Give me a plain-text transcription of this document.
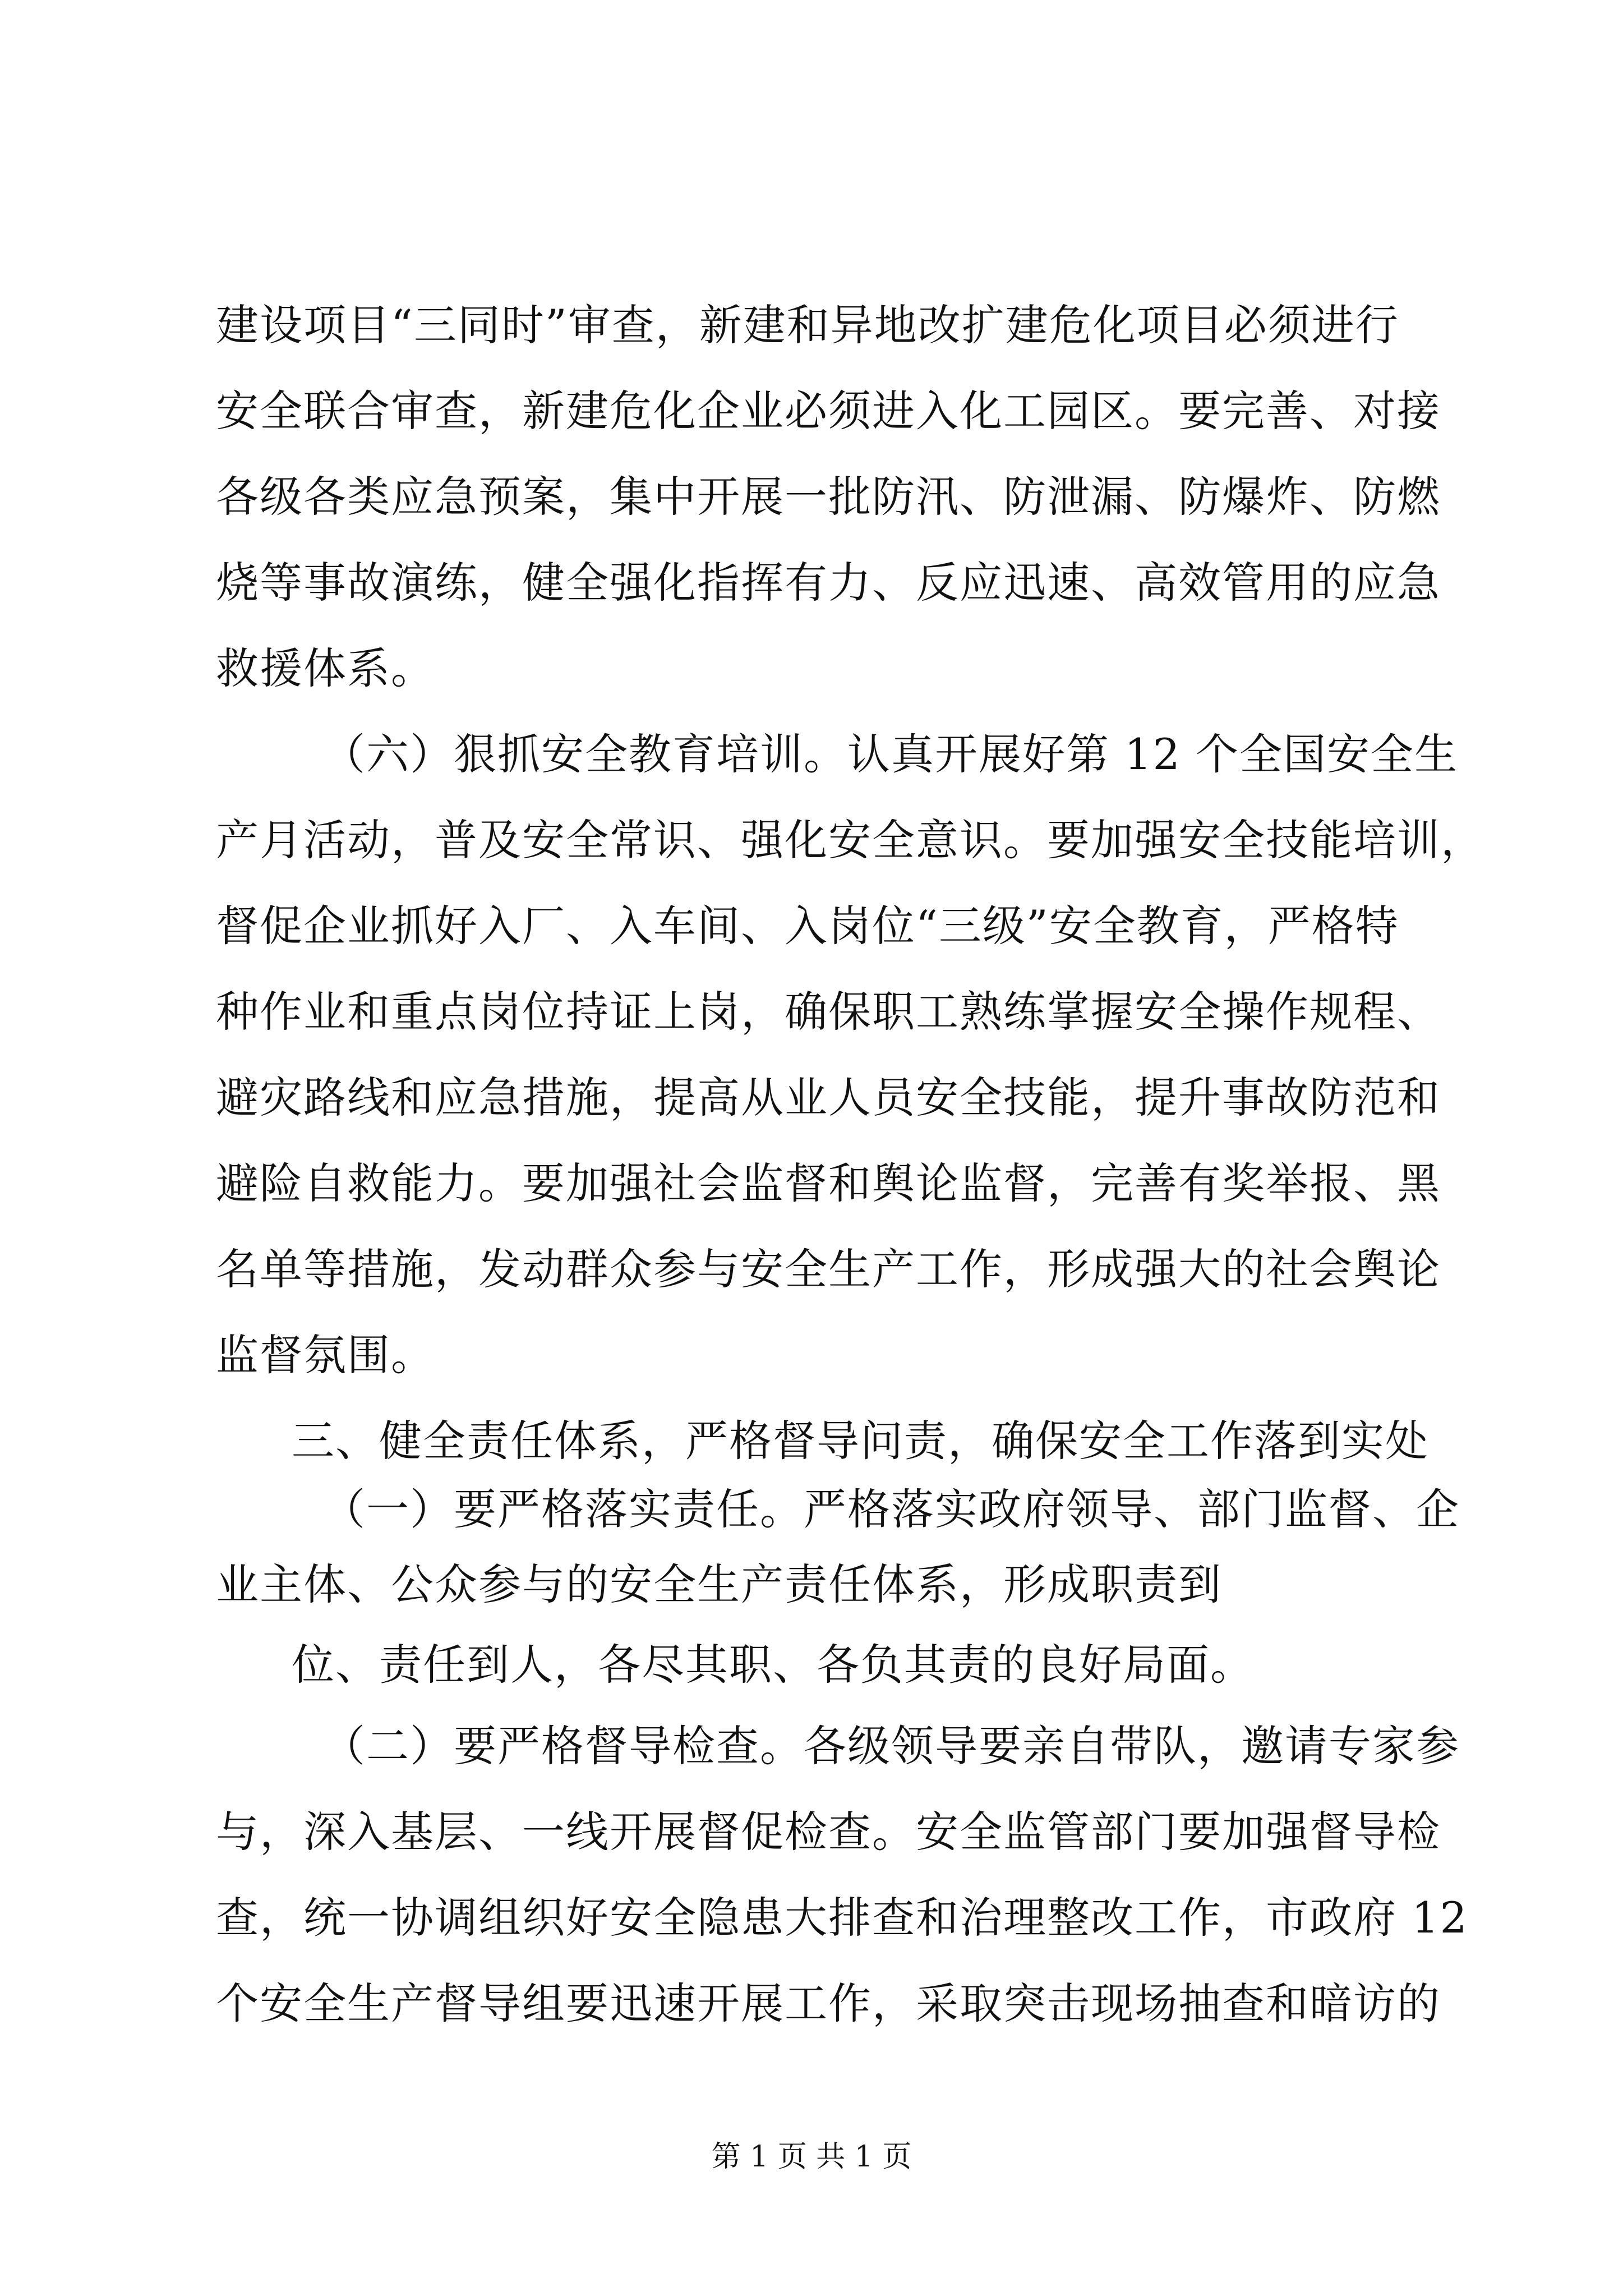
建设项目“三同时”审查，新建和异地改扩建危化项目必须进行
安全联合审查，新建危化企业必须进入化工园区。要完善、对接
各级各类应急预案，集中开展一批防汛、防泄漏、防爆炸、防燃
烧等事故演练，健全强化指挥有力、反应迅速、高效管用的应急
救援体系。
（六）狠抓安全教育培训。认真开展好第 12 个全国安全生
产月活动，普及安全常识、强化安全意识。要加强安全技能培训，
督促企业抓好入厂、入车间、入岗位“三级”安全教育，严格特
种作业和重点岗位持证上岗，确保职工熟练掌握安全操作规程、
避灾路线和应急措施，提高从业人员安全技能，提升事故防范和
避险自救能力。要加强社会监督和舆论监督，完善有奖举报、黑
名单等措施，发动群众参与安全生产工作，形成强大的社会舆论
监督氛围。
三、健全责任体系，严格督导问责，确保安全工作落到实处
（一）要严格落实责任。严格落实政府领导、部门监督、企
业主体、公众参与的安全生产责任体系，形成职责到
位、责任到人，各尽其职、各负其责的良好局面。
（二）要严格督导检查。各级领导要亲自带队，邀请专家参
与，深入基层、一线开展督促检查。安全监管部门要加强督导检
查，统一协调组织好安全隐患大排查和治理整改工作，市政府 12
个安全生产督导组要迅速开展工作，采取突击现场抽查和暗访的
第 1 页 共 1 页
